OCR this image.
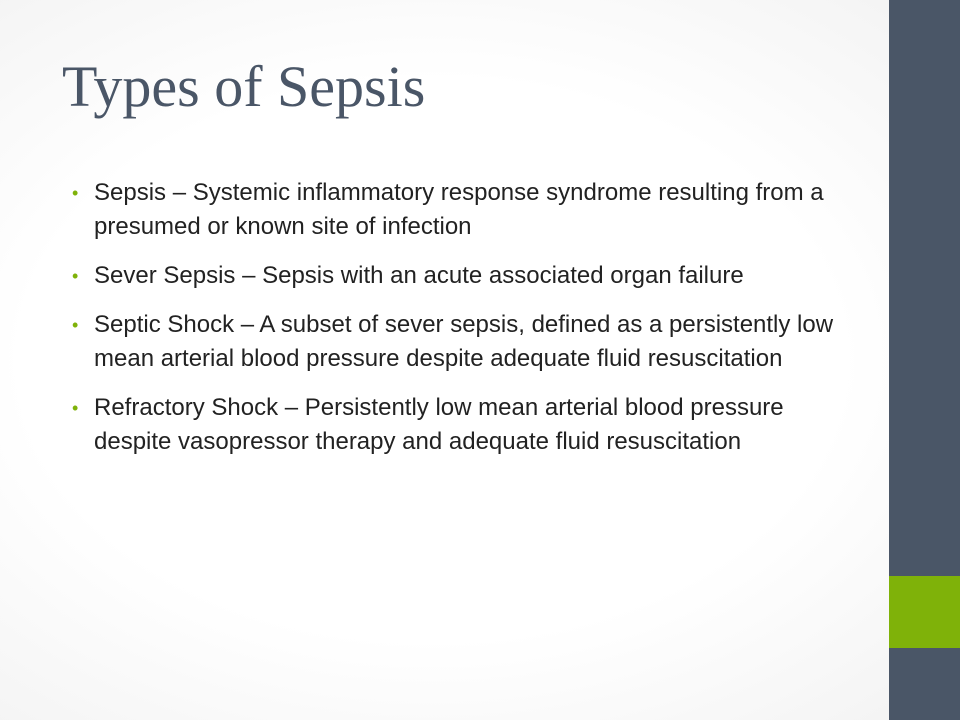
Types of Sepsis
• Sepsis – Systemic inflammatory response syndrome resulting from a presumed or known site of infection
• Sever Sepsis – Sepsis with an acute associated organ failure
• Septic Shock – A subset of sever sepsis, defined as a persistently low mean arterial blood pressure despite adequate fluid resuscitation
• Refractory Shock – Persistently low mean arterial blood pressure despite vasopressor therapy and adequate fluid resuscitation
